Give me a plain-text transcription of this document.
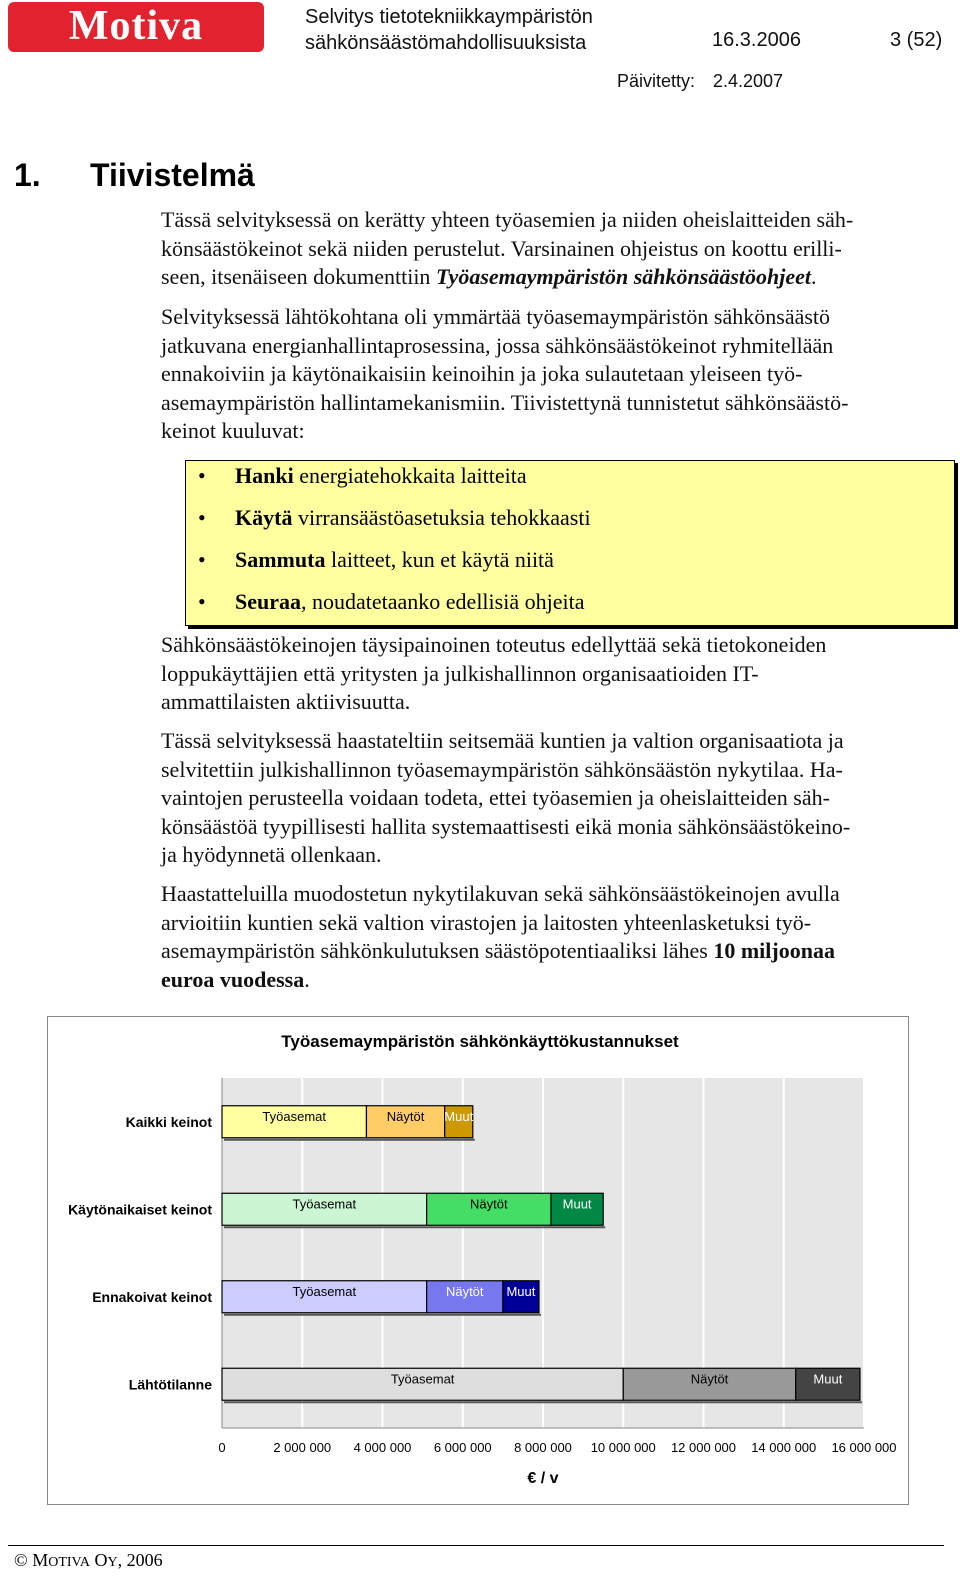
Motiva	Selvitys tietotekniikkaympäristön
sähkönsäästömahdollisuuksista	16.3.2006	3 (52)
Päivitetty: 2.4.2007
1. Tiivistelmä
Tässä selvityksessä on kerätty yhteen työasemien ja niiden oheislaitteiden säh-
könsäästökeinot sekä niiden perustelut. Varsinainen ohjeistus on koottu erilli-
seen, itsenäiseen dokumenttiin Työasemaympäristön sähkönsäästöohjeet.
Selvityksessä lähtökohtana oli ymmärtää työasemaympäristön sähkönsäästö
jatkuvana energianhallintaprosessina, jossa sähkönsäästökeinot ryhmitellään
ennakoiviin ja käytönaikaisiin keinoihin ja joka sulautetaan yleiseen työ-
asemaympäristön hallintamekanismiin. Tiivistettynä tunnistetut sähkönsäästö-
keinot kuuluvat:
• Hanki energiatehokkaita laitteita
• Käytä virransäästöasetuksia tehokkaasti
• Sammuta laitteet, kun et käytä niitä
• Seuraa, noudatetaanko edellisiä ohjeita
Sähkönsäästökeinojen täysipainoinen toteutus edellyttää sekä tietokoneiden
loppukäyttäjien että yritysten ja julkishallinnon organisaatioiden IT-
ammattilaisten aktiivisuutta.
Tässä selvityksessä haastateltiin seitsemää kuntien ja valtion organisaatiota ja
selvitettiin julkishallinnon työasemaympäristön sähkönsäästön nykytilaa. Ha-
vaintojen perusteella voidaan todeta, ettei työasemien ja oheislaitteiden säh-
könsäästöä tyypillisesti hallita systemaattisesti eikä monia sähkönsäästökeino-
ja hyödynnetä ollenkaan.
Haastatteluilla muodostetun nykytilakuvan sekä sähkönsäästökeinojen avulla
arvioitiin kuntien sekä valtion virastojen ja laitosten yhteenlasketuksi työ-
asemaympäristön sähkönkulutuksen säästöpotentiaaliksi lähes 10 miljoonaa
euroa vuodessa.
Työasemaympäristön sähkönkäyttökustannukset
0	2 000 000 4 000 000 6 000 000 8 000 000 10 000 000 12 000 000 14 000 000 16 000 000
Kaikki keinot	Työasemat	Näytöt Muut
Käytönaikaiset keinot	Työasemat	Näytöt	Muut
Ennakoivat keinot	Työasemat	Näytöt Muut
Lähtötilanne	Työasemat	Näytöt	Muut
€ / v
© MOTIVA OY, 2006
